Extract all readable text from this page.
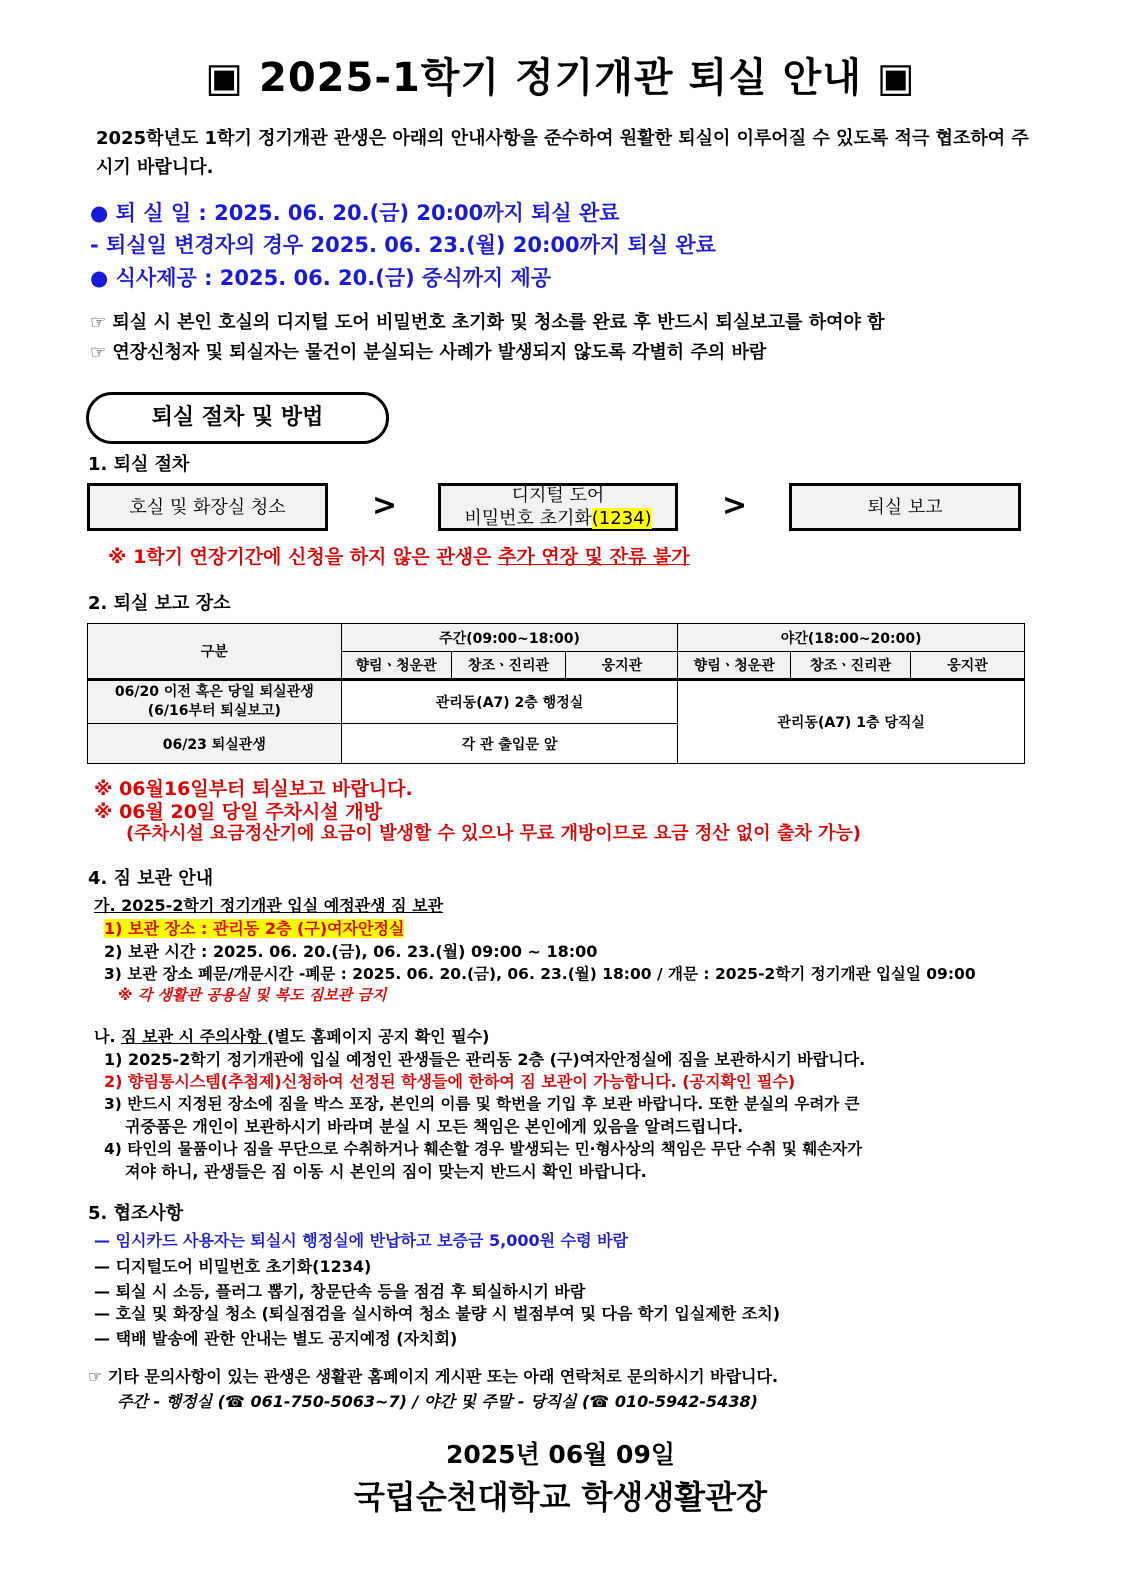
▣ 2025-1학기 정기개관 퇴실 안내 ▣
2025학년도 1학기 정기개관 관생은 아래의 안내사항을 준수하여 원활한 퇴실이 이루어질 수 있도록 적극 협조하여 주시기 바랍니다.
● 퇴 실 일 : 2025. 06. 20.(금) 20:00까지 퇴실 완료
- 퇴실일 변경자의 경우 2025. 06. 23.(월) 20:00까지 퇴실 완료
● 식사제공 : 2025. 06. 20.(금) 중식까지 제공
☞ 퇴실 시 본인 호실의 디지털 도어 비밀번호 초기화 및 청소를 완료 후 반드시 퇴실보고를 하여야 함
☞ 연장신청자 및 퇴실자는 물건이 분실되는 사례가 발생되지 않도록 각별히 주의 바람
퇴실 절차 및 방법
1. 퇴실 절차
호실 및 화장실 청소	>	디지털 도어
비밀번호 초기화(1234) >	퇴실 보고
※ 1학기 연장기간에 신청을 하지 않은 관생은 추가 연장 및 잔류 불가
2. 퇴실 보고 장소
구분	주간(09:00~18:00)			야간(18:00~20:00)		
	향림ㆍ청운관	창조ㆍ진리관	웅지관	향림ㆍ청운관	창조ㆍ진리관	웅지관

06/20 이전 혹은 당일 퇴실관생
(6/16부터 퇴실보고)	관리동(A7) 2층 행정실			관리동(A7) 1층 당직실		
06/23 퇴실관생	각 관 출입문 앞					
※ 06월16일부터 퇴실보고 바랍니다.
※ 06월 20일 당일 주차시설 개방
(주차시설 요금정산기에 요금이 발생할 수 있으나 무료 개방이므로 요금 정산 없이 출차 가능)
4. 짐 보관 안내
가. 2025-2학기 정기개관 입실 예정관생 짐 보관
1) 보관 장소 : 관리동 2층 (구)여자안정실
2) 보관 시간 : 2025. 06. 20.(금), 06. 23.(월) 09:00 ~ 18:00
3) 보관 장소 폐문/개문시간 -폐문 : 2025. 06. 20.(금), 06. 23.(월) 18:00 / 개문 : 2025-2학기 정기개관 입실일 09:00
※ 각 생활관 공용실 및 복도 짐보관 금지
나. 짐 보관 시 주의사항 (별도 홈페이지 공지 확인 필수)
1) 2025-2학기 정기개관에 입실 예정인 관생들은 관리동 2층 (구)여자안정실에 짐을 보관하시기 바랍니다.
2) 향림통시스템(추첨제)신청하여 선정된 학생들에 한하여 짐 보관이 가능합니다. (공지확인 필수)
3) 반드시 지정된 장소에 짐을 박스 포장, 본인의 이름 및 학번을 기입 후 보관 바랍니다. 또한 분실의 우려가 큰
귀중품은 개인이 보관하시기 바라며 분실 시 모든 책임은 본인에게 있음을 알려드립니다.
4) 타인의 물품이나 짐을 무단으로 수취하거나 훼손할 경우 발생되는 민·형사상의 책임은 무단 수취 및 훼손자가
져야 하니, 관생들은 짐 이동 시 본인의 짐이 맞는지 반드시 확인 바랍니다.
5. 협조사항
— 임시카드 사용자는 퇴실시 행정실에 반납하고 보증금 5,000원 수령 바람
— 디지털도어 비밀번호 초기화(1234)
— 퇴실 시 소등, 플러그 뽑기, 창문단속 등을 점검 후 퇴실하시기 바람
— 호실 및 화장실 청소 (퇴실점검을 실시하여 청소 불량 시 벌점부여 및 다음 학기 입실제한 조치)
— 택배 발송에 관한 안내는 별도 공지예정 (자치회)
☞ 기타 문의사항이 있는 관생은 생활관 홈페이지 게시판 또는 아래 연락처로 문의하시기 바랍니다.
주간 - 행정실 (☎ 061-750-5063~7) / 야간 및 주말 - 당직실 (☎ 010-5942-5438)
2025년 06월 09일
국립순천대학교 학생생활관장
